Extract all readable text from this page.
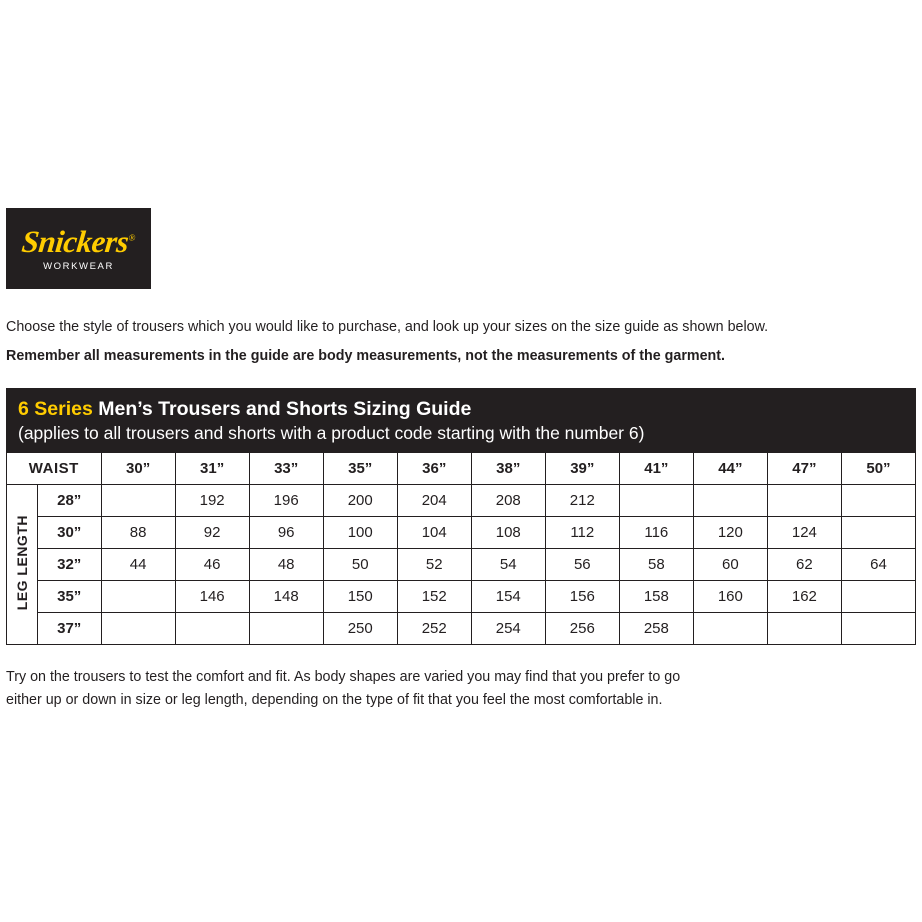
Snickers®
WORKWEAR

Choose the style of trousers which you would like to purchase, and look up your sizes on the size guide as shown below.

Remember all measurements in the guide are body measurements, not the measurements of the garment.

6 Series Men’s Trousers and Shorts Sizing Guide
(applies to all trousers and shorts with a product code starting with the number 6)
WAIST		30”	31”	33”	35”	36”	38”	39”	41”	44”	47”	50”
LEG LENGTH	28”		192	196	200	204	208	212				
	30”	88	92	96	100	104	108	112	116	120	124	
	32”	44	46	48	50	52	54	56	58	60	62	64
	35”		146	148	150	152	154	156	158	160	162	
	37”				250	252	254	256	258			

Try on the trousers to test the comfort and fit. As body shapes are varied you may find that you prefer to go

either up or down in size or leg length, depending on the type of fit that you feel the most comfortable in.
